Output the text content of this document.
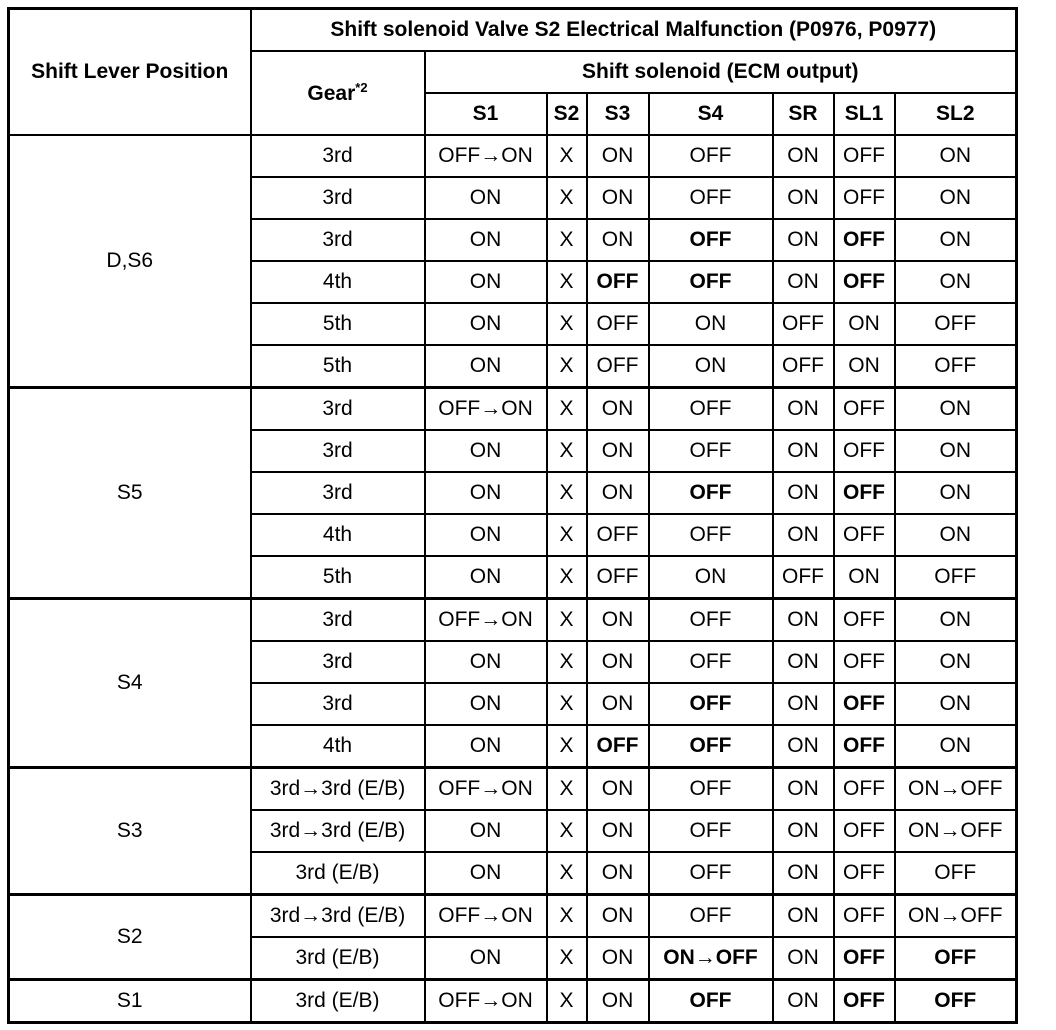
Shift Lever Position	Shift solenoid Valve S2 Electrical Malfunction (P0976, P0977)							
	Gear$^{*2}$	Shift solenoid (ECM output)						
		S1	S2	S3	S4	SR	SL1	SL2
D,S6	3rd	OFF→ON	X	ON	OFF	ON	OFF	ON
	3rd	ON	X	ON	OFF	ON	OFF	ON
	3rd	ON	X	ON	OFF	ON	OFF	ON
	4th	ON	X	OFF	OFF	ON	OFF	ON
	5th	ON	X	OFF	ON	OFF	ON	OFF
	5th	ON	X	OFF	ON	OFF	ON	OFF
S5	3rd	OFF→ON	X	ON	OFF	ON	OFF	ON
	3rd	ON	X	ON	OFF	ON	OFF	ON
	3rd	ON	X	ON	OFF	ON	OFF	ON
	4th	ON	X	OFF	OFF	ON	OFF	ON
	5th	ON	X	OFF	ON	OFF	ON	OFF
S4	3rd	OFF→ON	X	ON	OFF	ON	OFF	ON
	3rd	ON	X	ON	OFF	ON	OFF	ON
	3rd	ON	X	ON	OFF	ON	OFF	ON
	4th	ON	X	OFF	OFF	ON	OFF	ON
S3	3rd→3rd (E/B)	OFF→ON	X	ON	OFF	ON	OFF	ON→OFF
	3rd→3rd (E/B)	ON	X	ON	OFF	ON	OFF	ON→OFF
	3rd (E/B)	ON	X	ON	OFF	ON	OFF	OFF
S2	3rd→3rd (E/B)	OFF→ON	X	ON	OFF	ON	OFF	ON→OFF
	3rd (E/B)	ON	X	ON	ON→OFF	ON	OFF	OFF
S1	3rd (E/B)	OFF→ON	X	ON	OFF	ON	OFF	OFF
